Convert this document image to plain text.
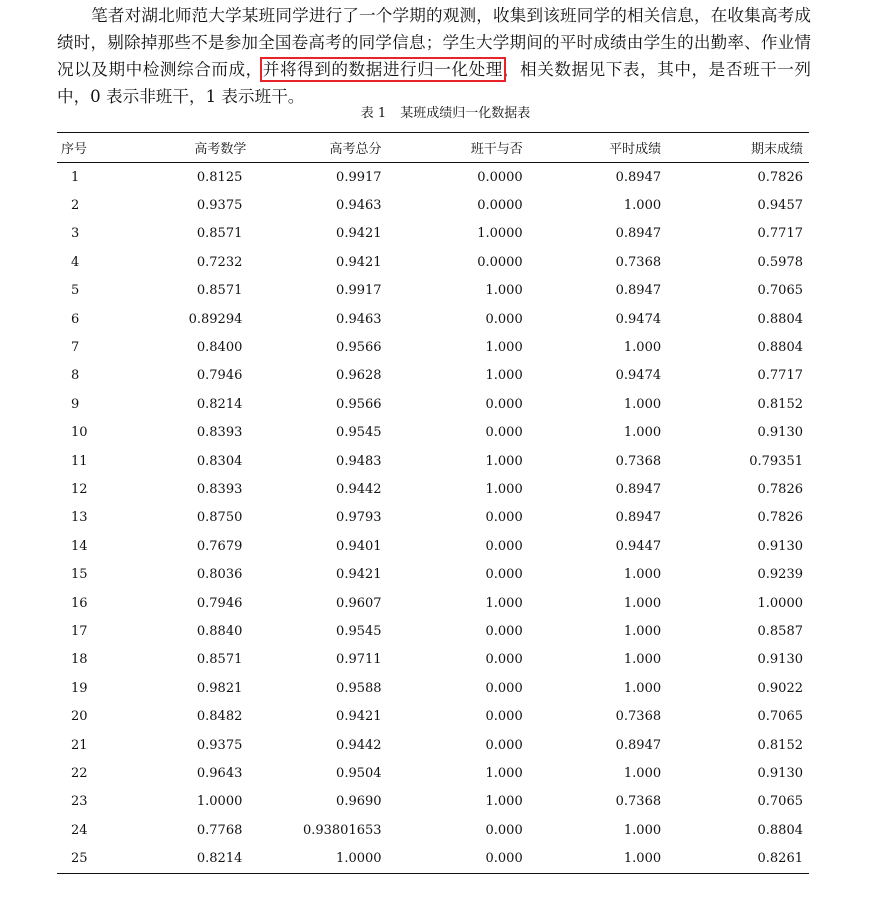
笔者对湖北师范大学某班同学进行了一个学期的观测，收集到该班同学的相关信息，在收集高考成绩时，剔除掉那些不是参加全国卷高考的同学信息；学生大学期间的平时成绩由学生的出勤率、作业情况以及期中检测综合而成，并将得到的数据进行归一化处理，相关数据见下表，其中，是否班干一列中，0 表示非班干，1 表示班干。
表 1 某班成绩归一化数据表
序号	高考数学	高考总分	班干与否	平时成绩	期末成绩
1	0.8125	0.9917	0.0000	0.8947	0.7826
2	0.9375	0.9463	0.0000	1.000	0.9457
3	0.8571	0.9421	1.0000	0.8947	0.7717
4	0.7232	0.9421	0.0000	0.7368	0.5978
5	0.8571	0.9917	1.000	0.8947	0.7065
6	0.89294	0.9463	0.000	0.9474	0.8804
7	0.8400	0.9566	1.000	1.000	0.8804
8	0.7946	0.9628	1.000	0.9474	0.7717
9	0.8214	0.9566	0.000	1.000	0.8152
10	0.8393	0.9545	0.000	1.000	0.9130
11	0.8304	0.9483	1.000	0.7368	0.79351
12	0.8393	0.9442	1.000	0.8947	0.7826
13	0.8750	0.9793	0.000	0.8947	0.7826
14	0.7679	0.9401	0.000	0.9447	0.9130
15	0.8036	0.9421	0.000	1.000	0.9239
16	0.7946	0.9607	1.000	1.000	1.0000
17	0.8840	0.9545	0.000	1.000	0.8587
18	0.8571	0.9711	0.000	1.000	0.9130
19	0.9821	0.9588	0.000	1.000	0.9022
20	0.8482	0.9421	0.000	0.7368	0.7065
21	0.9375	0.9442	0.000	0.8947	0.8152
22	0.9643	0.9504	1.000	1.000	0.9130
23	1.0000	0.9690	1.000	0.7368	0.7065
24	0.7768	0.93801653	0.000	1.000	0.8804
25	0.8214	1.0000	0.000	1.000	0.8261
